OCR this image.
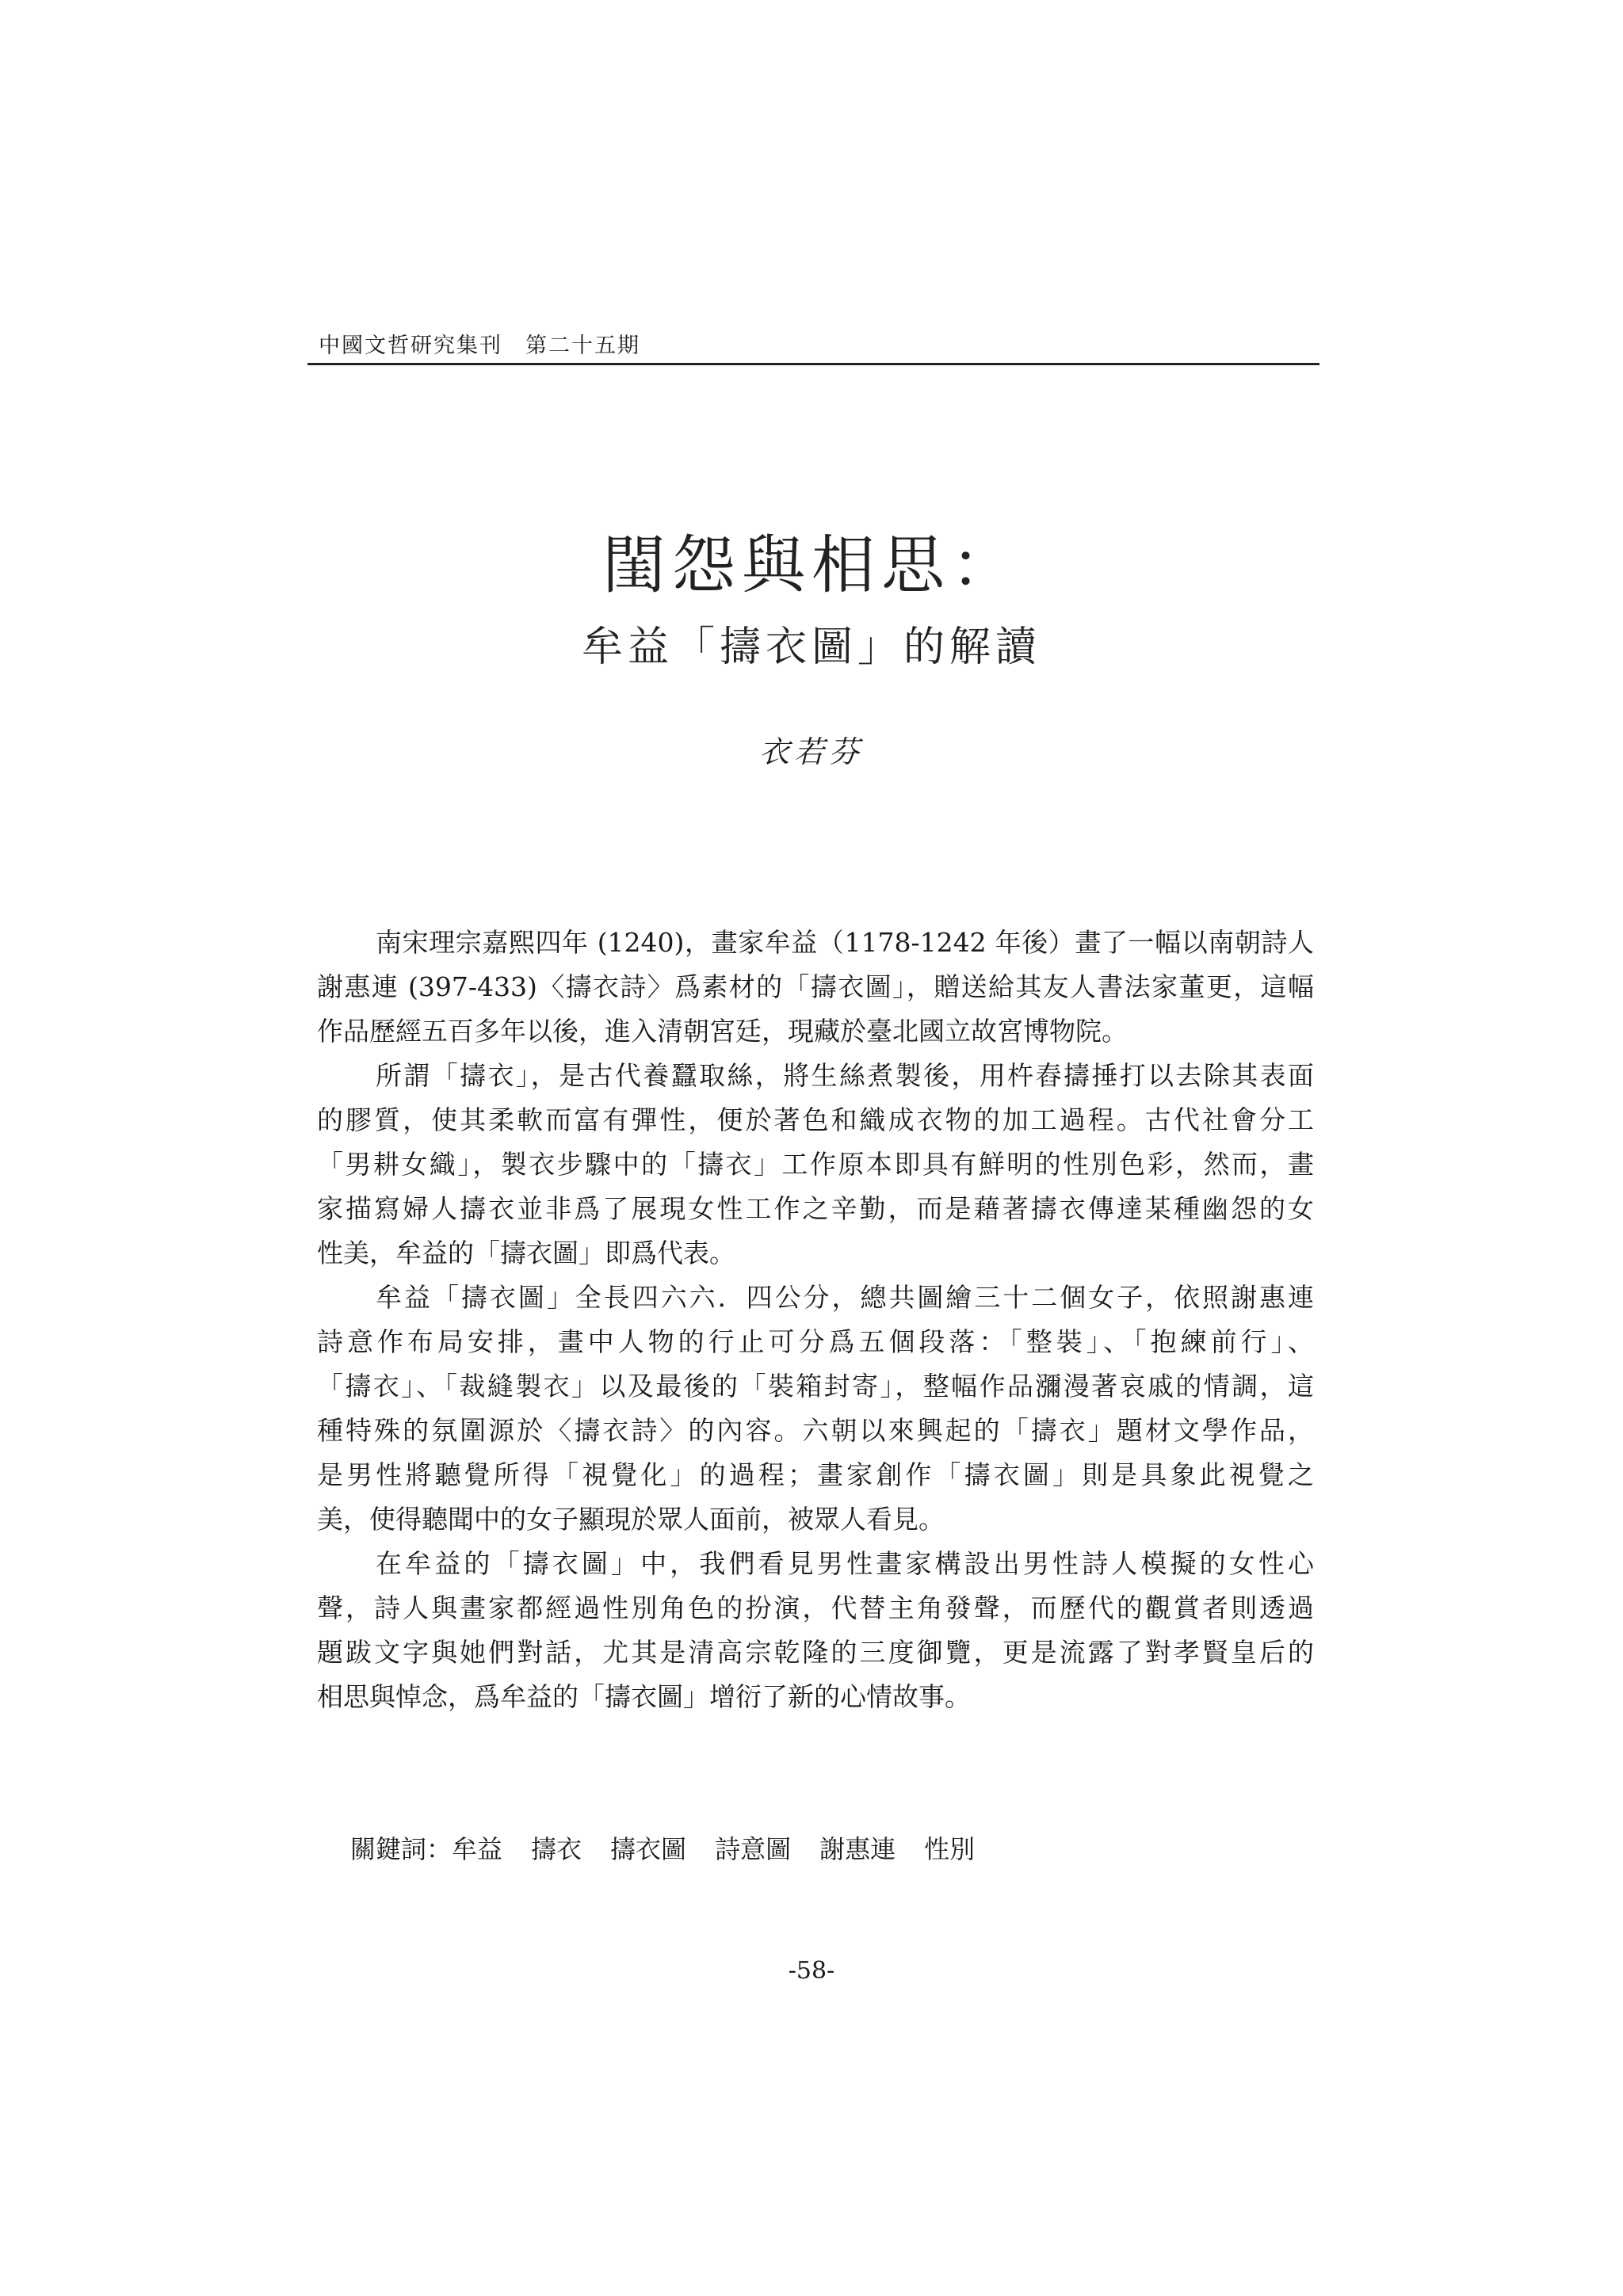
中國文哲研究集刊　第二十五期
閨怨與相思：
牟益「擣衣圖」的解讀
衣若芬
南宋理宗嘉熙四年 (1240)，畫家牟益（1178-1242 年後）畫了一幅以南朝詩人
謝惠連 (397-433)〈擣衣詩〉爲素材的「擣衣圖」，贈送給其友人書法家董更，這幅
作品歷經五百多年以後，進入清朝宮廷，現藏於臺北國立故宮博物院。
所謂「擣衣」，是古代養蠶取絲，將生絲煮製後，用杵舂擣捶打以去除其表面
的膠質，使其柔軟而富有彈性，便於著色和織成衣物的加工過程。古代社會分工
「男耕女織」，製衣步驟中的「擣衣」工作原本即具有鮮明的性別色彩，然而，畫
家描寫婦人擣衣並非爲了展現女性工作之辛勤，而是藉著擣衣傳達某種幽怨的女
性美，牟益的「擣衣圖」即爲代表。
牟益「擣衣圖」全長四六六．四公分，總共圖繪三十二個女子，依照謝惠連
詩意作布局安排，畫中人物的行止可分爲五個段落：「整裝」、「抱練前行」、
「擣衣」、「裁縫製衣」以及最後的「裝箱封寄」，整幅作品瀰漫著哀戚的情調，這
種特殊的氛圍源於〈擣衣詩〉的內容。六朝以來興起的「擣衣」題材文學作品，
是男性將聽覺所得「視覺化」的過程；畫家創作「擣衣圖」則是具象此視覺之
美，使得聽聞中的女子顯現於眾人面前，被眾人看見。
在牟益的「擣衣圖」中，我們看見男性畫家構設出男性詩人模擬的女性心
聲，詩人與畫家都經過性別角色的扮演，代替主角發聲，而歷代的觀賞者則透過
題跋文字與她們對話，尤其是清高宗乾隆的三度御覽，更是流露了對孝賢皇后的
相思與悼念，爲牟益的「擣衣圖」增衍了新的心情故事。
關鍵詞：牟益 擣衣 擣衣圖 詩意圖 謝惠連 性別
-58-
